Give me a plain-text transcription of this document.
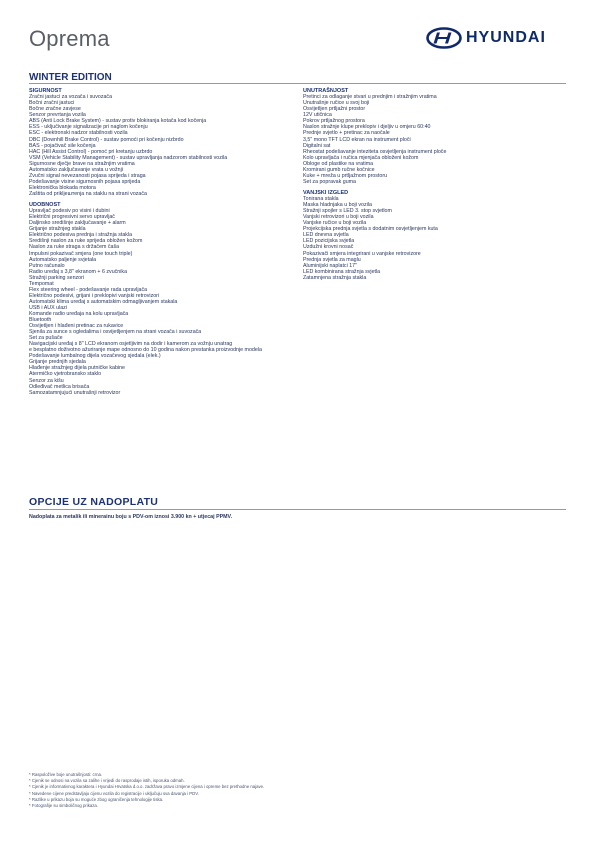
Oprema	HYUNDAI
WINTER EDITION
SIGURNOST
Zračni jastuci za vozača i suvozača
Bočni zračni jastuci
Bočne zračne zavjese
Senzor prevrtanja vozila
ABS (Anti Lock Brake System) - sustav protiv blokiranja kotača kod kočenja
ESS - uključivanje signalizacije pri naglom kočenju
ESC - elektronski nadzor stabilnosti vozila
DBC (Downhill Brake Control) - sustav pomoći pri kočenju nizbrdo
BAS - pojačivač sile kočenja
HAC (Hill Assist Control) - pomoć pri kretanju uzbrdo
VSM (Vehicle Stability Management) - sustav upravljanja nadzorom stabilnosti vozila
Sigurnosne dječje brave na stražnjim vratima
Automatsko zaključavanje vrata u vožnji
Zvučni signal nevezanosti pojasa sprijeda i straga
Podešavanje visine sigurnosnih pojasa sprijeda
Elektronička blokada motora
Zaštita od prikljештenja na staklu na strani vozača
UDOBNOST
Upravljač podesiv po visini i dubini
Električni progresivni servo upravljač
Daljinsko središnje zaključavanje + alarm
Grijanje stražnjeg stakla
Električno podesiva prednja i stražnja stakla
Središnji naslon za ruke sprijeda obložen kožom
Naslon za ruke straga s držačem čaša
Impulsni pokazivač smjera (one touch triple)
Automatsko paljenje svjetala
Putno računalo
Radio uređaj s 3,8" ekranom + 6 zvučnika
Stražnji parking senzori
Tempomat
Flex steering wheel - podešavanje rada upravljača
Električno podesivi, grijani i preklopivi vanjski retrovizori
Automatski klima uređaj s automatskim odmagljivanjem stakala
USB i AUX ulazi
Komande radio uređaja na kolu upravljača
Bluetooth
Osvijetljen i hlađeni pretinac za rukavice
Sjenila za sunce s ogledalima i osvijetljenjem na strani vozača i suvozača
Set za pušače
Navigacijski uređaj s 8" LCD ekranom osjetljivim na dodir i kamerom za vožnju unatrag
e besplatno doživotno ažuriranje mape odnosno do 10 godina nakon prestanka proizvodnje modela
Podešavanje lumbalnog dijela vozačevog sjedala (elek.)
Grijanje prednjih sjedala
Hlađenje stražnjeg dijela putničke kabine
Atermičko vjetrobransko staklo
Senzor za kišu
Odleđivač metlica brisača
Samozatamnjujući unutrašnji retrovizor
UNUTRAŠNJOST
Pretinci za odlaganje stvari u prednjim i stražnjim vratima
Unutrašnje ručice u svoj boji
Osvijetljen prtljažni prostor
12V utičnica
Pokrov prtljažnog prostora
Naslon stražnje klupe preklopiv i djeljiv u omjeru 60:40
Prednje svjetlo + pretinac za naočale
3,5" mono TFT LCD ekran na instrument ploči
Digitalni sat
Rheostat podešavanje inteziteta osvjetljenja instrument ploče
Kolo upravljača i ručica mjenjača obloženi kožom
Obloge od plastike na vratima
Kromirani gumb ručne kočnice
Kuke + mreža u prtljažnom prostoru
Set za popravak guma
VANJSKI IZGLED
Tonirana stakla
Maska hladnjaka u boji vozila
Stražnji spojler s LED 3. stop svjetlom
Vanjski retrovizori u boji vozila
Vanjske ručice u boji vozila
Projekcijska prednja svjetla s dodatnim osvjetljenjem kuta
LED dnevna svjetla
LED pozicijska svjetla
Uzdužni krovni nosač
Pokazivači smjera integrirani u vanjske retrovizore
Prednja svjetla za maglu
Aluminijski naplatci 17"
LED kombinirana stražnja svjetla
Zatamnjena stražnja stakla
OPCIJE UZ NADOPLATU
Nadoplata za metalik ili minerainu boju s PDV-om iznosi 3.900 kn + utjecaj PPMV.
* Raspoložive boje unutrašnjosti: crna.
* Cjenik se odnosi na vozila sa zalihe i vrijedi do rasprodaje istih, isporuka odmah.
* Cjenik je informativnog karaktera i Hyundai Hrvatska d.o.o. zadržava pravo izmjene cijena i opreme bez prethodne najave.
* Navedene cijene predstavljaju cijenu vozila do registracije i uključuju sva davanja i PDV.
* Razlike u prikazu boja su moguće zbog ograničenja tehnologije tiska.
* Fotografije su simboličnog prikaza.
